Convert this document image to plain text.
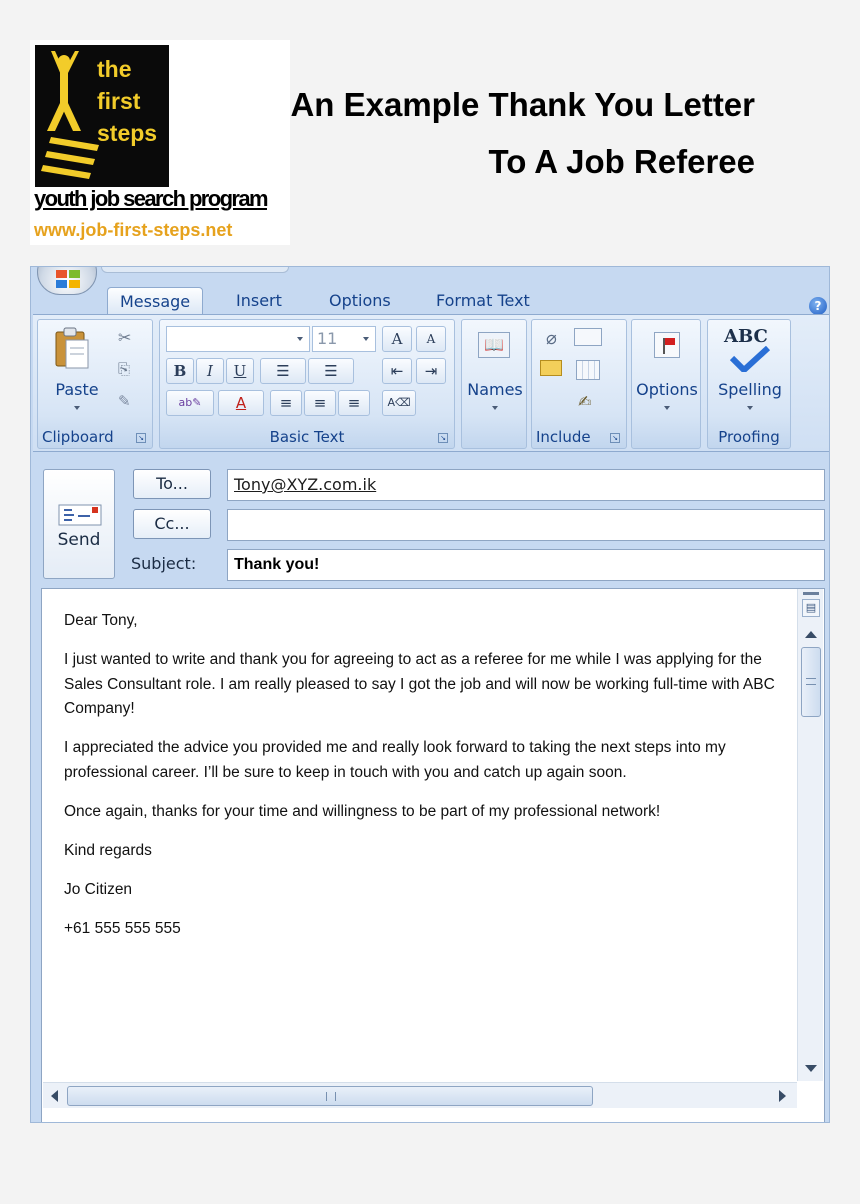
the
first
steps
youth job search program
www.job-first-steps.net
An Example Thank You Letter
To A Job Referee
Message	Insert	Options	Format Text	?
Paste
✂
⎘
✎
Clipboard	↘
11	A	A
B	I	U	☰	☰	⇤	⇥
ab✎	A	≡	≡	≡	A⌫
Basic Text	↘
📖
Names
⌀
✍
Include	↘
Options
ABC
Spelling
Proofing
Send
To...	Tony@XYZ.com.ik
Cc...
Subject:	Thank you!

Dear Tony,

I just wanted to write and thank you for agreeing to act as a referee for me while I was applying for the Sales Consultant role. I am really pleased to say I got the job and will now be working full-time with ABC Company!

I appreciated the advice you provided me and really look forward to taking the next steps into my professional career. I’ll be sure to keep in touch with you and catch up again soon.

Once again, thanks for your time and willingness to be part of my professional network!

Kind regards

Jo Citizen

+61 555 555 555

▤
